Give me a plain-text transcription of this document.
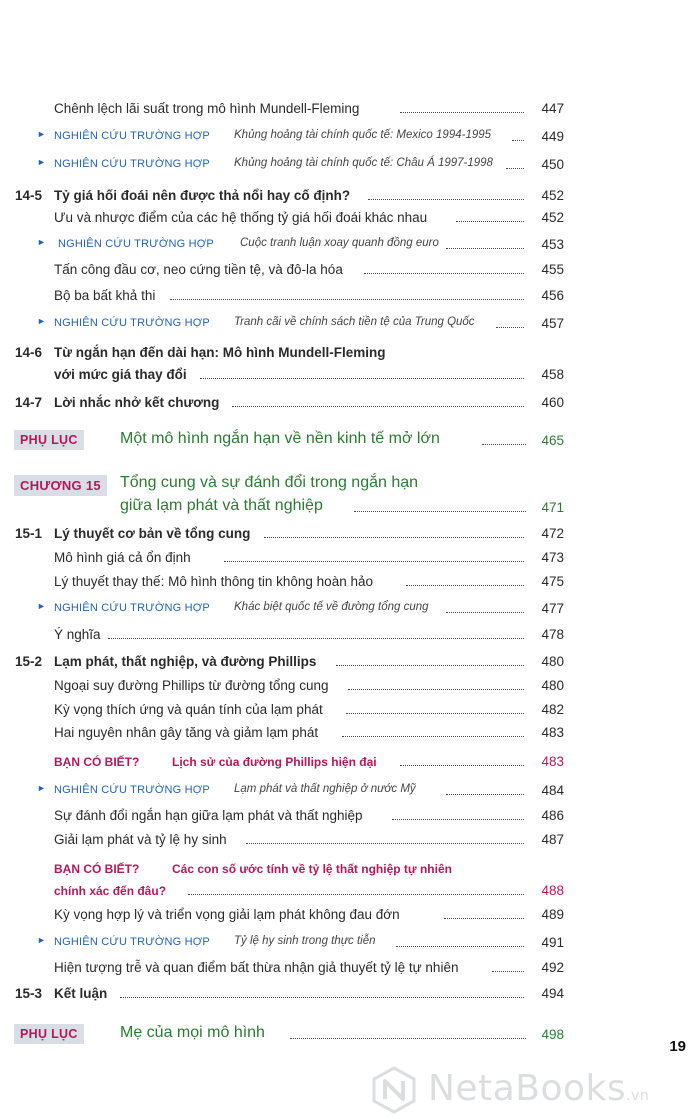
Chênh lệch lãi suất trong mô hình Mundell-Fleming	447
► NGHIÊN CỨU TRƯỜNG HỢP Khủng hoảng tài chính quốc tế: Mexico 1994-1995	449
► NGHIÊN CỨU TRƯỜNG HỢP Khủng hoảng tài chính quốc tế: Châu Á 1997-1998	450
14-5 Tỷ giá hối đoái nên được thả nổi hay cố định?	452
Ưu và nhược điểm của các hệ thống tỷ giá hối đoái khác nhau	452
► NGHIÊN CỨU TRƯỜNG HỢP Cuộc tranh luận xoay quanh đồng euro	453
Tấn công đầu cơ, neo cứng tiền tệ, và đô-la hóa	455
Bộ ba bất khả thi	456
► NGHIÊN CỨU TRƯỜNG HỢP Tranh cãi về chính sách tiền tệ của Trung Quốc	457
14-6 Từ ngắn hạn đến dài hạn: Mô hình Mundell-Fleming
với mức giá thay đổi	458
14-7 Lời nhắc nhở kết chương	460
PHỤ LỤC	Một mô hình ngắn hạn về nền kinh tế mở lớn	465
CHƯƠNG 15	Tổng cung và sự đánh đổi trong ngắn hạn
giữa lạm phát và thất nghiệp	471
15-1 Lý thuyết cơ bản về tổng cung	472
Mô hình giá cả ổn định	473
Lý thuyết thay thế: Mô hình thông tin không hoàn hảo	475
► NGHIÊN CỨU TRƯỜNG HỢP Khác biệt quốc tế về đường tổng cung	477
Ý nghĩa	478
15-2 Lạm phát, thất nghiệp, và đường Phillips	480
Ngoại suy đường Phillips từ đường tổng cung	480
Kỳ vọng thích ứng và quán tính của lạm phát	482
Hai nguyên nhân gây tăng và giảm lạm phát	483
BẠN CÓ BIẾT?	Lịch sử của đường Phillips hiện đại	483
► NGHIÊN CỨU TRƯỜNG HỢP Lạm phát và thất nghiệp ở nước Mỹ	484
Sự đánh đổi ngắn hạn giữa lạm phát và thất nghiệp	486
Giải lạm phát và tỷ lệ hy sinh	487
BẠN CÓ BIẾT?	Các con số ước tính về tỷ lệ thất nghiệp tự nhiên
chính xác đến đâu?	488
Kỳ vọng hợp lý và triển vọng giải lạm phát không đau đớn	489
► NGHIÊN CỨU TRƯỜNG HỢP Tỷ lệ hy sinh trong thực tiễn	491
Hiện tượng trễ và quan điểm bất thừa nhận giả thuyết tỷ lệ tự nhiên	492
15-3 Kết luận	494
PHỤ LỤC	Mẹ của mọi mô hình	498
19
NetaBooks.vn
